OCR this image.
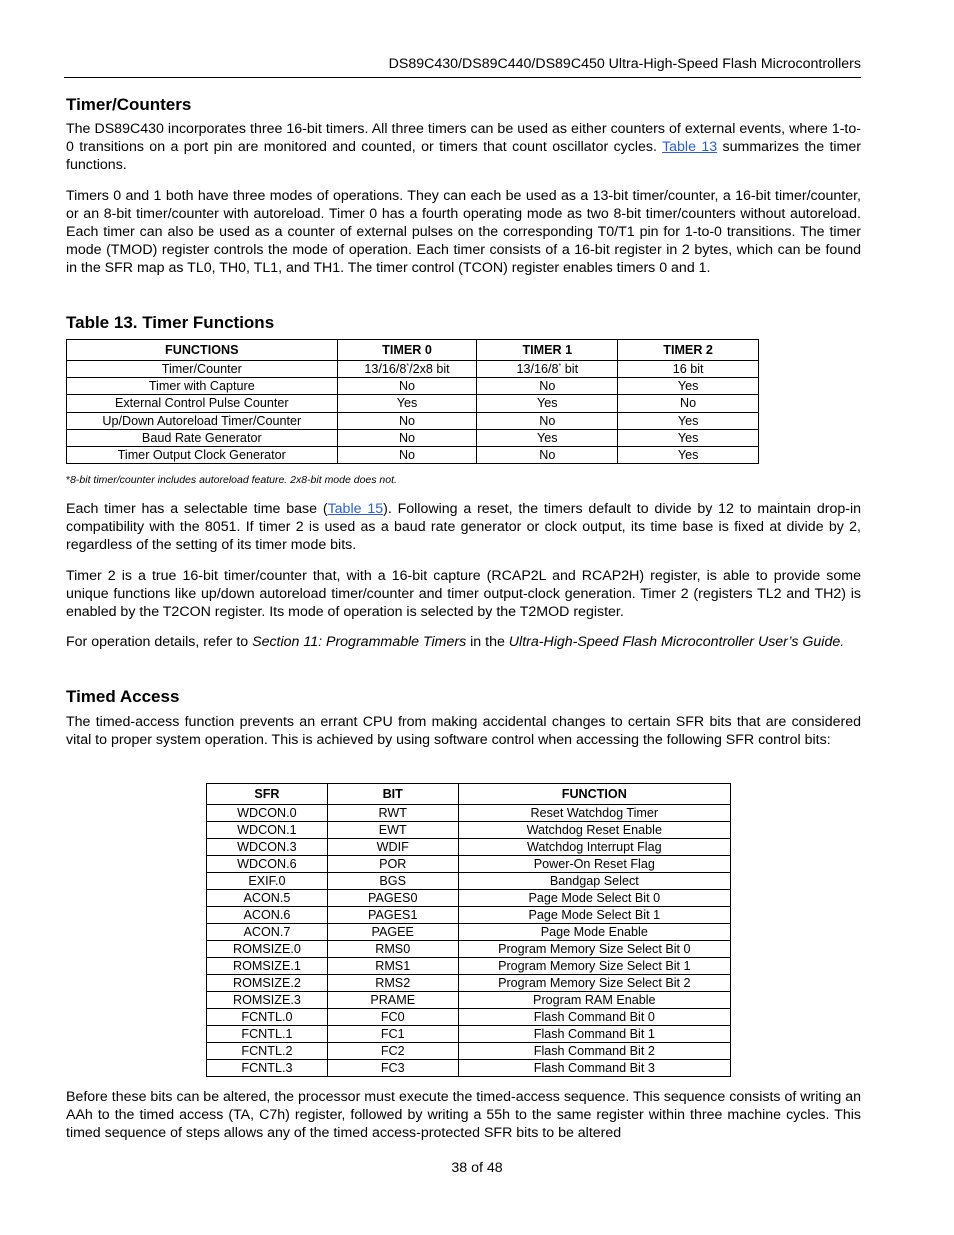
DS89C430/DS89C440/DS89C450 Ultra-High-Speed Flash Microcontrollers
Timer/Counters

The DS89C430 incorporates three 16-bit timers. All three timers can be used as either counters of external events, where 1-to-0 transitions on a port pin are monitored and counted, or timers that count oscillator cycles. Table 13 summarizes the timer functions.

Timers 0 and 1 both have three modes of operations. They can each be used as a 13-bit timer/counter, a 16-bit timer/counter, or an 8-bit timer/counter with autoreload. Timer 0 has a fourth operating mode as two 8-bit timer/counters without autoreload. Each timer can also be used as a counter of external pulses on the corresponding T0/T1 pin for 1-to-0 transitions. The timer mode (TMOD) register controls the mode of operation. Each timer consists of a 16-bit register in 2 bytes, which can be found in the SFR map as TL0, TH0, TL1, and TH1. The timer control (TCON) register enables timers 0 and 1.

Table 13. Timer Functions
FUNCTIONS	TIMER 0	TIMER 1	TIMER 2
Timer/Counter	13/16/8*/2x8 bit	13/16/8* bit	16 bit
Timer with Capture	No	No	Yes
External Control Pulse Counter	Yes	Yes	No
Up/Down Autoreload Timer/Counter	No	No	Yes
Baud Rate Generator	No	Yes	Yes
Timer Output Clock Generator	No	No	Yes
*8-bit timer/counter includes autoreload feature. 2x8-bit mode does not.

Each timer has a selectable time base (Table 15). Following a reset, the timers default to divide by 12 to maintain drop-in compatibility with the 8051. If timer 2 is used as a baud rate generator or clock output, its time base is fixed at divide by 2, regardless of the setting of its timer mode bits.

Timer 2 is a true 16-bit timer/counter that, with a 16-bit capture (RCAP2L and RCAP2H) register, is able to provide some unique functions like up/down autoreload timer/counter and timer output-clock generation. Timer 2 (registers TL2 and TH2) is enabled by the T2CON register. Its mode of operation is selected by the T2MOD register.

For operation details, refer to Section 11: Programmable Timers in the Ultra-High-Speed Flash Microcontroller User’s Guide.

Timed Access

The timed-access function prevents an errant CPU from making accidental changes to certain SFR bits that are considered vital to proper system operation. This is achieved by using software control when accessing the following SFR control bits:

SFR	BIT	FUNCTION
WDCON.0	RWT	Reset Watchdog Timer
WDCON.1	EWT	Watchdog Reset Enable
WDCON.3	WDIF	Watchdog Interrupt Flag
WDCON.6	POR	Power-On Reset Flag
EXIF.0	BGS	Bandgap Select
ACON.5	PAGES0	Page Mode Select Bit 0
ACON.6	PAGES1	Page Mode Select Bit 1
ACON.7	PAGEE	Page Mode Enable
ROMSIZE.0	RMS0	Program Memory Size Select Bit 0
ROMSIZE.1	RMS1	Program Memory Size Select Bit 1
ROMSIZE.2	RMS2	Program Memory Size Select Bit 2
ROMSIZE.3	PRAME	Program RAM Enable
FCNTL.0	FC0	Flash Command Bit 0
FCNTL.1	FC1	Flash Command Bit 1
FCNTL.2	FC2	Flash Command Bit 2
FCNTL.3	FC3	Flash Command Bit 3

Before these bits can be altered, the processor must execute the timed-access sequence. This sequence consists of writing an AAh to the timed access (TA, C7h) register, followed by writing a 55h to the same register within three machine cycles. This timed sequence of steps allows any of the timed access-protected SFR bits to be altered

38 of 48
